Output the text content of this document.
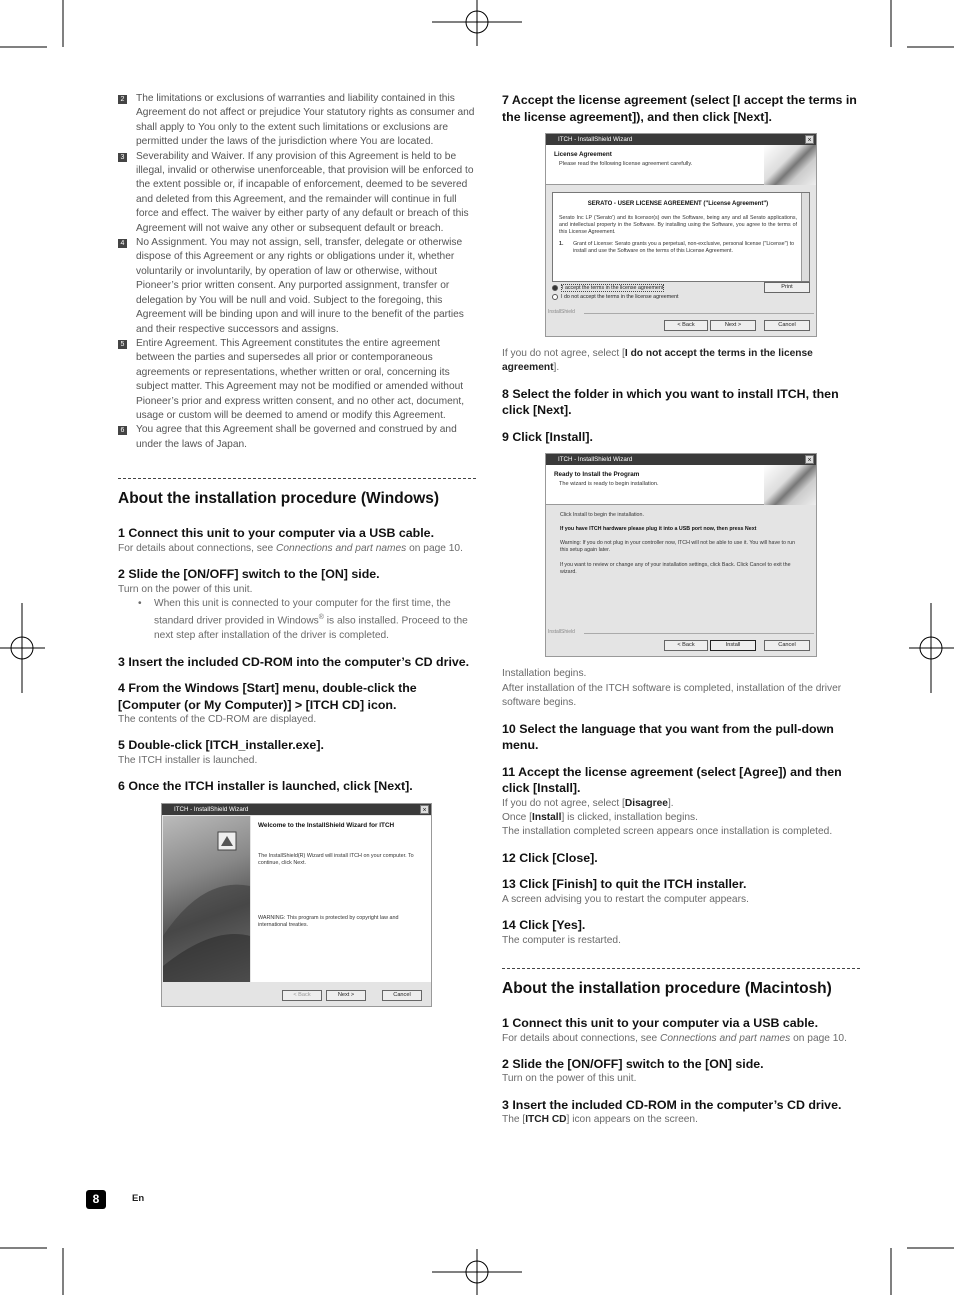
2 The limitations or exclusions of warranties and liability contained in this Agreement do not affect or prejudice Your statutory rights as consumer and shall apply to You only to the extent such limitations or exclusions are permitted under the laws of the jurisdiction where You are located.
3 Severability and Waiver. If any provision of this Agreement is held to be illegal, invalid or otherwise unenforceable, that provision will be enforced to the extent possible or, if incapable of enforcement, deemed to be severed and deleted from this Agreement, and the remainder will continue in full force and effect. The waiver by either party of any default or breach of this Agreement will not waive any other or subsequent default or breach.
4 No Assignment. You may not assign, sell, transfer, delegate or otherwise dispose of this Agreement or any rights or obligations under it, whether voluntarily or involuntarily, by operation of law or otherwise, without Pioneer’s prior written consent. Any purported assignment, transfer or delegation by You will be null and void. Subject to the foregoing, this Agreement will be binding upon and will inure to the benefit of the parties and their respective successors and assigns.
5 Entire Agreement. This Agreement constitutes the entire agreement between the parties and supersedes all prior or contemporaneous agreements or representations, whether written or oral, concerning its subject matter. This Agreement may not be modified or amended without Pioneer’s prior and express written consent, and no other act, document, usage or custom will be deemed to amend or modify this Agreement.
6 You agree that this Agreement shall be governed and construed by and under the laws of Japan.
About the installation procedure (Windows)
1 Connect this unit to your computer via a USB cable.
For details about connections, see Connections and part names on page 10.
2 Slide the [ON/OFF] switch to the [ON] side.
Turn on the power of this unit.
• When this unit is connected to your computer for the first time, the standard driver provided in Windows® is also installed. Proceed to the next step after installation of the driver is completed.
3 Insert the included CD-ROM into the computer’s CD drive.
4 From the Windows [Start] menu, double-click the [Computer (or My Computer)] > [ITCH CD] icon.
The contents of the CD-ROM are displayed.
5 Double-click [ITCH_installer.exe].
The ITCH installer is launched.
6 Once the ITCH installer is launched, click [Next].
ITCH - InstallShield Wizard	×
Welcome to the InstallShield Wizard for ITCH
The InstallShield(R) Wizard will install ITCH on your computer. To continue, click Next.
WARNING: This program is protected by copyright law and international treaties.
< Back	Next >	Cancel
7 Accept the license agreement (select [I accept the terms in the license agreement]), and then click [Next].
ITCH - InstallShield Wizard	×
License Agreement
Please read the following license agreement carefully.
SERATO - USER LICENSE AGREEMENT ("License Agreement")
Serato Inc LP ('Serato') and its licensor(s) own the Software, being any and all Serato applications, and intellectual property in the Software. By installing using the Software, you agree to the terms of this License Agreement.
1.	Grant of License: Serato grants you a perpetual, non-exclusive, personal license ("License") to install and use the Software on the terms of this License Agreement.
I accept the terms in the license agreement
I do not accept the terms in the license agreement
Print
InstallShield
< Back	Next >	Cancel
If you do not agree, select [I do not accept the terms in the license agreement].
8 Select the folder in which you want to install ITCH, then click [Next].
9 Click [Install].
ITCH - InstallShield Wizard	×
Ready to Install the Program
The wizard is ready to begin installation.
Click Install to begin the installation.
If you have ITCH hardware please plug it into a USB port now, then press Next
Warning: If you do not plug in your controller now, ITCH will not be able to use it. You will have to run this setup again later.
If you want to review or change any of your installation settings, click Back. Click Cancel to exit the wizard.
InstallShield
< Back	Install	Cancel
Installation begins.
After installation of the ITCH software is completed, installation of the driver software begins.
10 Select the language that you want from the pull-down menu.
11 Accept the license agreement (select [Agree]) and then click [Install].
If you do not agree, select [Disagree].
Once [Install] is clicked, installation begins.
The installation completed screen appears once installation is completed.
12 Click [Close].
13 Click [Finish] to quit the ITCH installer.
A screen advising you to restart the computer appears.
14 Click [Yes].
The computer is restarted.
About the installation procedure (Macintosh)
1 Connect this unit to your computer via a USB cable.
For details about connections, see Connections and part names on page 10.
2 Slide the [ON/OFF] switch to the [ON] side.
Turn on the power of this unit.
3 Insert the included CD-ROM in the computer’s CD drive.
The [ITCH CD] icon appears on the screen.
8	En
